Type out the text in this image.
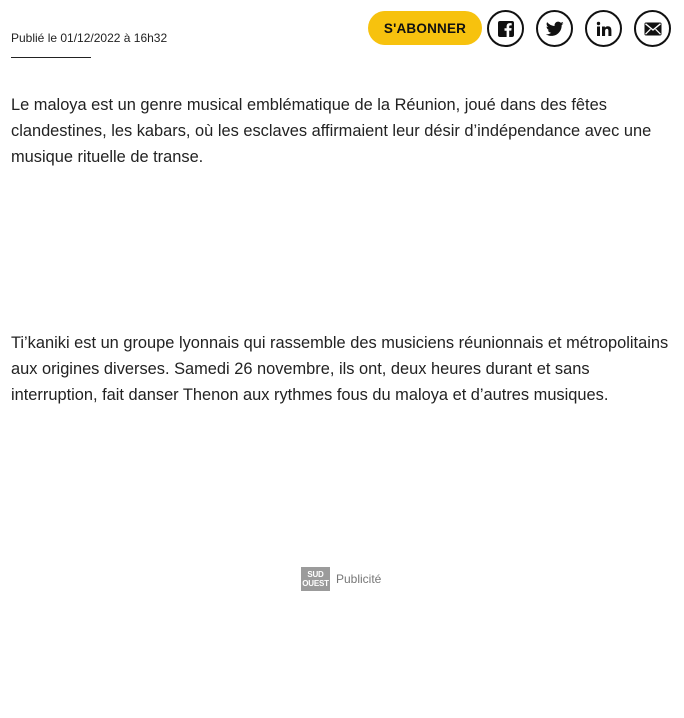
Publié le 01/12/2022 à 16h32
S'ABONNER

Le maloya est un genre musical emblématique de la Réunion, joué dans des fêtes clandestines, les kabars, où les esclaves affirmaient leur désir d’indépendance avec une musique rituelle de transe.

Ti’kaniki est un groupe lyonnais qui rassemble des musiciens réunionnais et métropolitains aux origines diverses. Samedi 26 novembre, ils ont, deux heures durant et sans interruption, fait danser Thenon aux rythmes fous du maloya et d’autres musiques.

SUD
OUEST Publicité
